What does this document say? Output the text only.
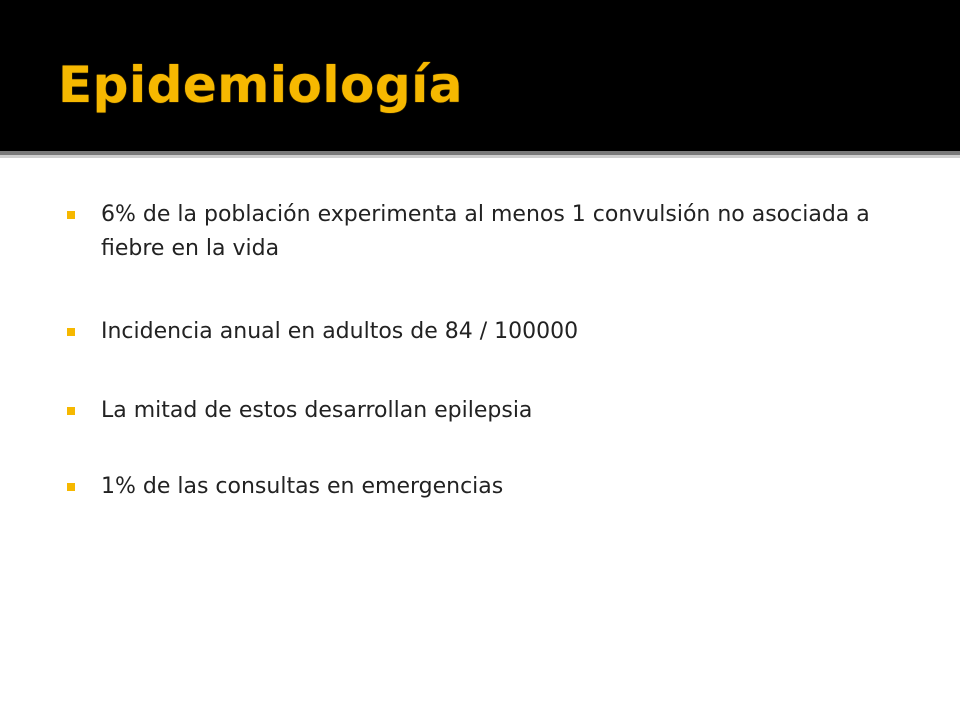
Epidemiología
6% de la población experimenta al menos 1 convulsión no asociada a fiebre en la vida
Incidencia anual en adultos de 84 / 100000
La mitad de estos desarrollan epilepsia
1% de las consultas en emergencias
